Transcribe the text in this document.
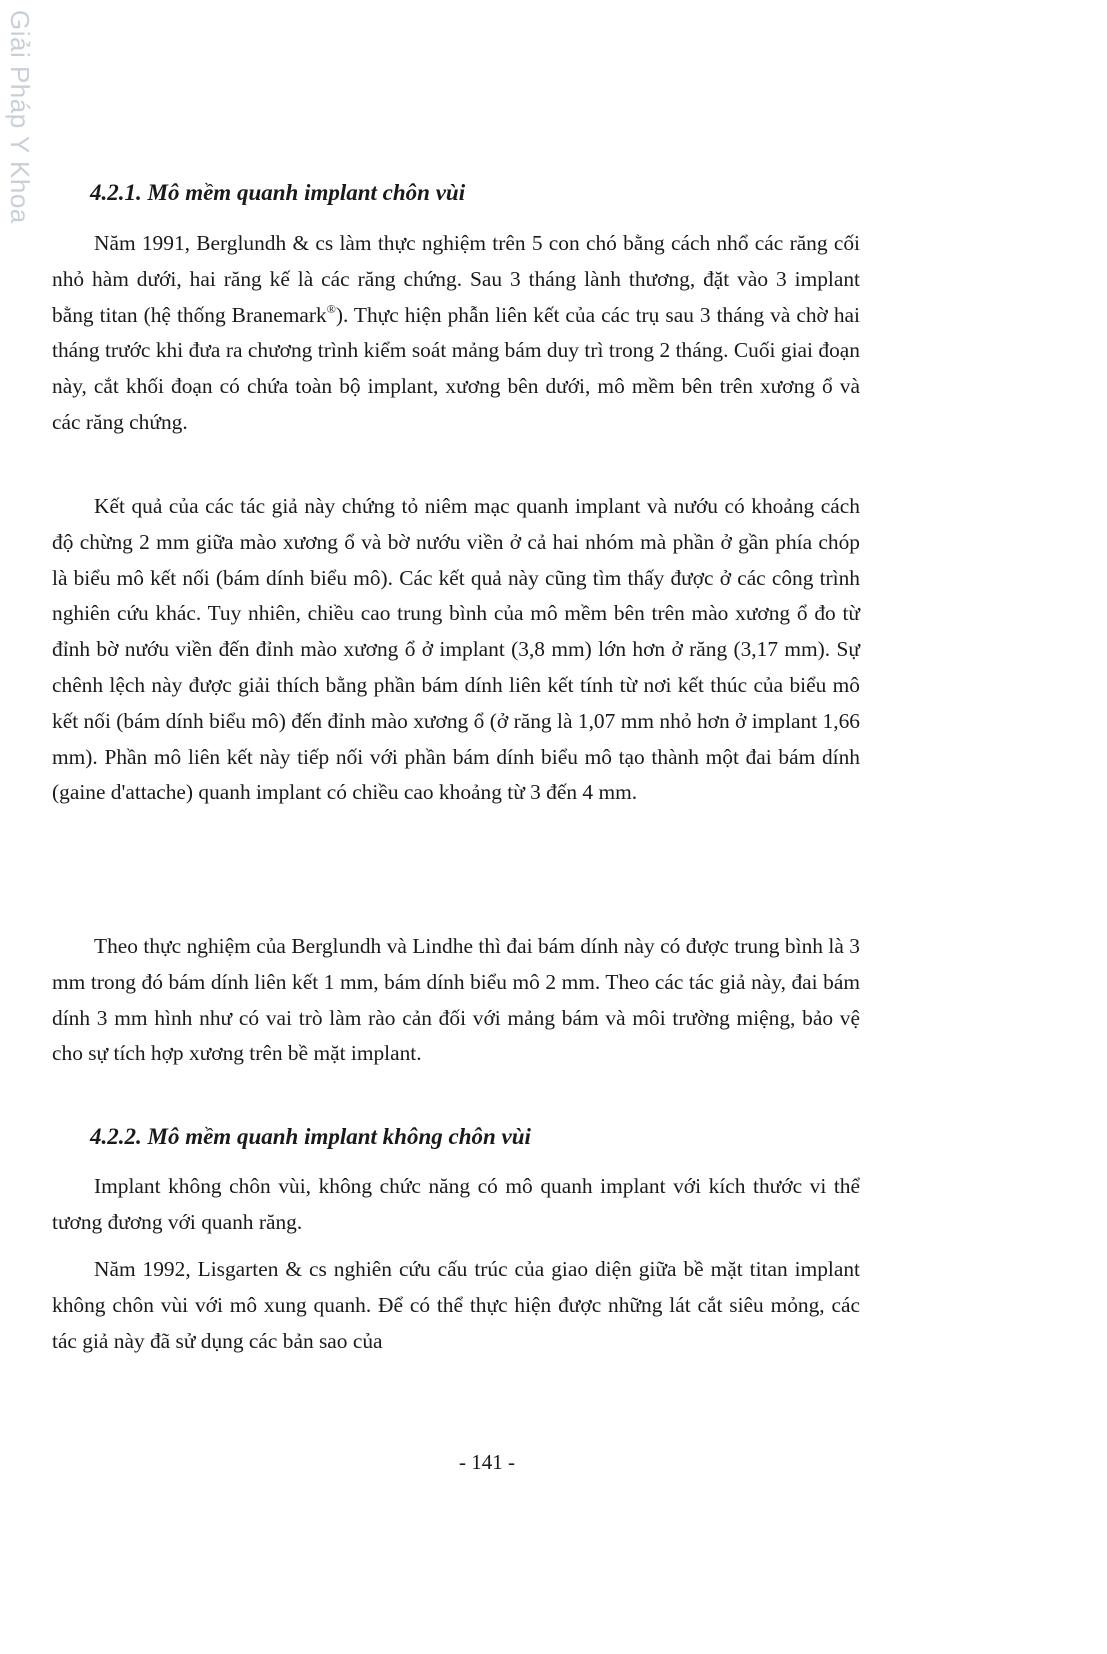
Giải Pháp Y Khoa 4.2.1. Mô mềm quanh implant chôn vùi

Năm 1991, Berglundh & cs làm thực nghiệm trên 5 con chó bằng cách nhổ các răng cối nhỏ hàm dưới, hai răng kế là các răng chứng. Sau 3 tháng lành thương, đặt vào 3 implant bằng titan (hệ thống Branemark®). Thực hiện phẫn liên kết của các trụ sau 3 tháng và chờ hai tháng trước khi đưa ra chương trình kiểm soát mảng bám duy trì trong 2 tháng. Cuối giai đoạn này, cắt khối đoạn có chứa toàn bộ implant, xương bên dưới, mô mềm bên trên xương ổ và các răng chứng.

Kết quả của các tác giả này chứng tỏ niêm mạc quanh implant và nướu có khoảng cách độ chừng 2 mm giữa mào xương ổ và bờ nướu viền ở cả hai nhóm mà phần ở gần phía chóp là biểu mô kết nối (bám dính biểu mô). Các kết quả này cũng tìm thấy được ở các công trình nghiên cứu khác. Tuy nhiên, chiều cao trung bình của mô mềm bên trên mào xương ổ đo từ đỉnh bờ nướu viền đến đỉnh mào xương ổ ở implant (3,8 mm) lớn hơn ở răng (3,17 mm). Sự chênh lệch này được giải thích bằng phần bám dính liên kết tính từ nơi kết thúc của biểu mô kết nối (bám dính biểu mô) đến đỉnh mào xương ổ (ở răng là 1,07 mm nhỏ hơn ở implant 1,66 mm). Phần mô liên kết này tiếp nối với phần bám dính biểu mô tạo thành một đai bám dính (gaine d'attache) quanh implant có chiều cao khoảng từ 3 đến 4 mm.

Theo thực nghiệm của Berglundh và Lindhe thì đai bám dính này có được trung bình là 3 mm trong đó bám dính liên kết 1 mm, bám dính biểu mô 2 mm. Theo các tác giả này, đai bám dính 3 mm hình như có vai trò làm rào cản đối với mảng bám và môi trường miệng, bảo vệ cho sự tích hợp xương trên bề mặt implant.

4.2.2. Mô mềm quanh implant không chôn vùi

Implant không chôn vùi, không chức năng có mô quanh implant với kích thước vi thể tương đương với quanh răng.

Năm 1992, Lisgarten & cs nghiên cứu cấu trúc của giao diện giữa bề mặt titan implant không chôn vùi với mô xung quanh. Để có thể thực hiện được những lát cắt siêu mỏng, các tác giả này đã sử dụng các bản sao của

- 141 -
